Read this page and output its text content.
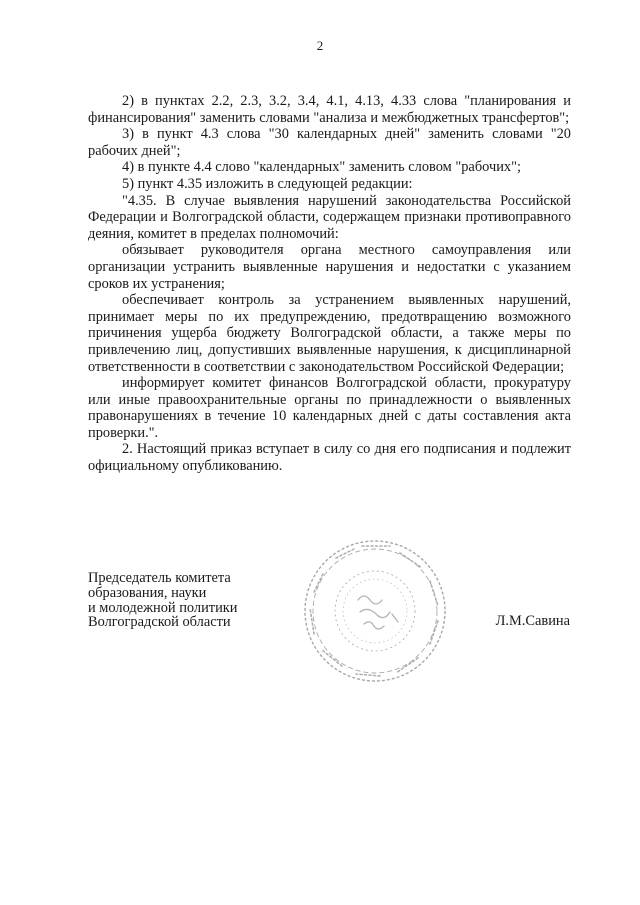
2

2) в пунктах 2.2, 2.3, 3.2, 3.4, 4.1, 4.13, 4.33 слова "планирования и финансирования" заменить словами "анализа и межбюджетных трансфертов";

3) в пункт 4.3 слова "30 календарных дней" заменить словами "20 рабочих дней";

4) в пункте 4.4 слово "календарных" заменить словом "рабочих";

5) пункт 4.35 изложить в следующей редакции:

"4.35. В случае выявления нарушений законодательства Российской Федерации и Волгоградской области, содержащем признаки противоправного деяния, комитет в пределах полномочий:

обязывает руководителя органа местного самоуправления или организации устранить выявленные нарушения и недостатки с указанием сроков их устранения;

обеспечивает контроль за устранением выявленных нарушений, принимает меры по их предупреждению, предотвращению возможного причинения ущерба бюджету Волгоградской области, а также меры по привлечению лиц, допустивших выявленные нарушения, к дисциплинарной ответственности в соответствии с законодательством Российской Федерации;

информирует комитет финансов Волгоградской области, прокуратуру или иные правоохранительные органы по принадлежности о выявленных правонарушениях в течение 10 календарных дней с даты составления акта проверки.".

2. Настоящий приказ вступает в силу со дня его подписания и подлежит официальному опубликованию.

Председатель комитета
образования, науки
и молодежной политики
Волгоградской области	Л.М.Савина
